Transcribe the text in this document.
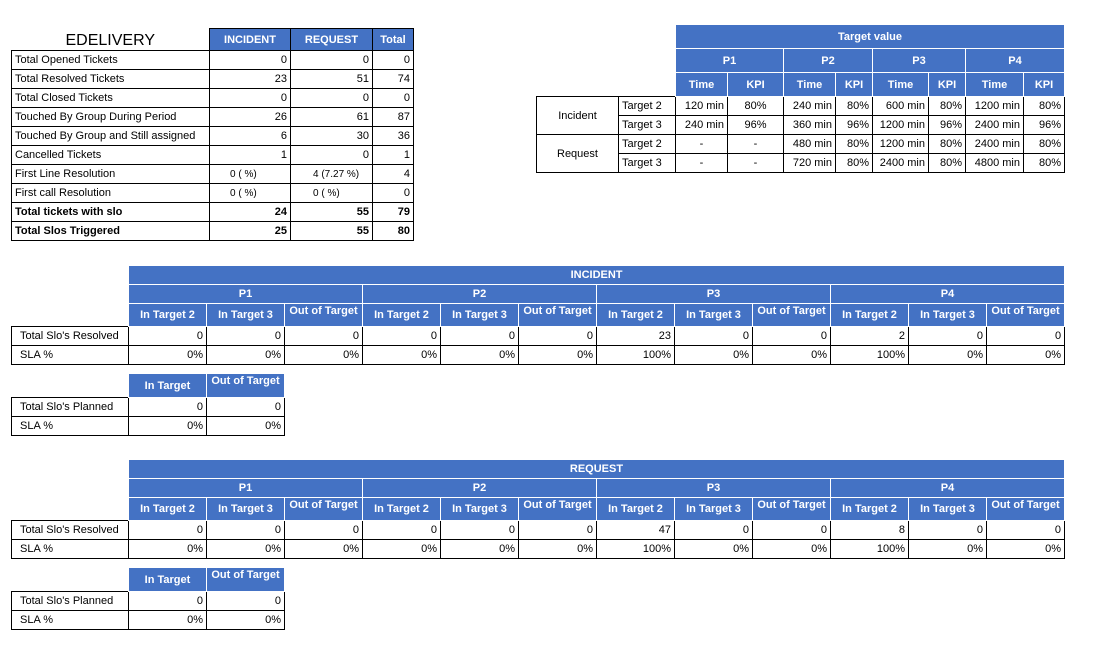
EDELIVERY	INCIDENT	REQUEST	Total
Total Opened Tickets	0	0	0
Total Resolved Tickets	23	51	74
Total Closed Tickets	0	0	0
Touched By Group During Period	26	61	87
Touched By Group and Still assigned	6	30	36
Cancelled Tickets	1	0	1
First Line Resolution	0 ( %)	4 (7.27 %)	4
First call Resolution	0 ( %)	0 ( %)	0
Total tickets with slo	24	55	79
Total Slos Triggered	25	55	80
		Target value							
		P1		P2		P3		P4	
		Time	KPI	Time	KPI	Time	KPI	Time	KPI
Incident	Target 2	120 min	80%	240 min	80%	600 min	80%	1200 min	80%
	Target 3	240 min	96%	360 min	96%	1200 min	96%	2400 min	96%
Request	Target 2	-	-	480 min	80%	1200 min	80%	2400 min	80%
	Target 3	-	-	720 min	80%	2400 min	80%	4800 min	80%
	INCIDENT											
	P1			P2			P3			P4		
	In Target 2	In Target 3	Out of Target	In Target 2	In Target 3	Out of Target	In Target 2	In Target 3	Out of Target	In Target 2	In Target 3	Out of Target
Total Slo's Resolved	0	0	0	0	0	0	23	0	0	2	0	0
SLA %	0%	0%	0%	0%	0%	0%	100%	0%	0%	100%	0%	0%
	In Target	Out of Target
Total Slo's Planned	0	0
SLA %	0%	0%
	REQUEST											
	P1			P2			P3			P4		
	In Target 2	In Target 3	Out of Target	In Target 2	In Target 3	Out of Target	In Target 2	In Target 3	Out of Target	In Target 2	In Target 3	Out of Target
Total Slo's Resolved	0	0	0	0	0	0	47	0	0	8	0	0
SLA %	0%	0%	0%	0%	0%	0%	100%	0%	0%	100%	0%	0%
	In Target	Out of Target
Total Slo's Planned	0	0
SLA %	0%	0%
